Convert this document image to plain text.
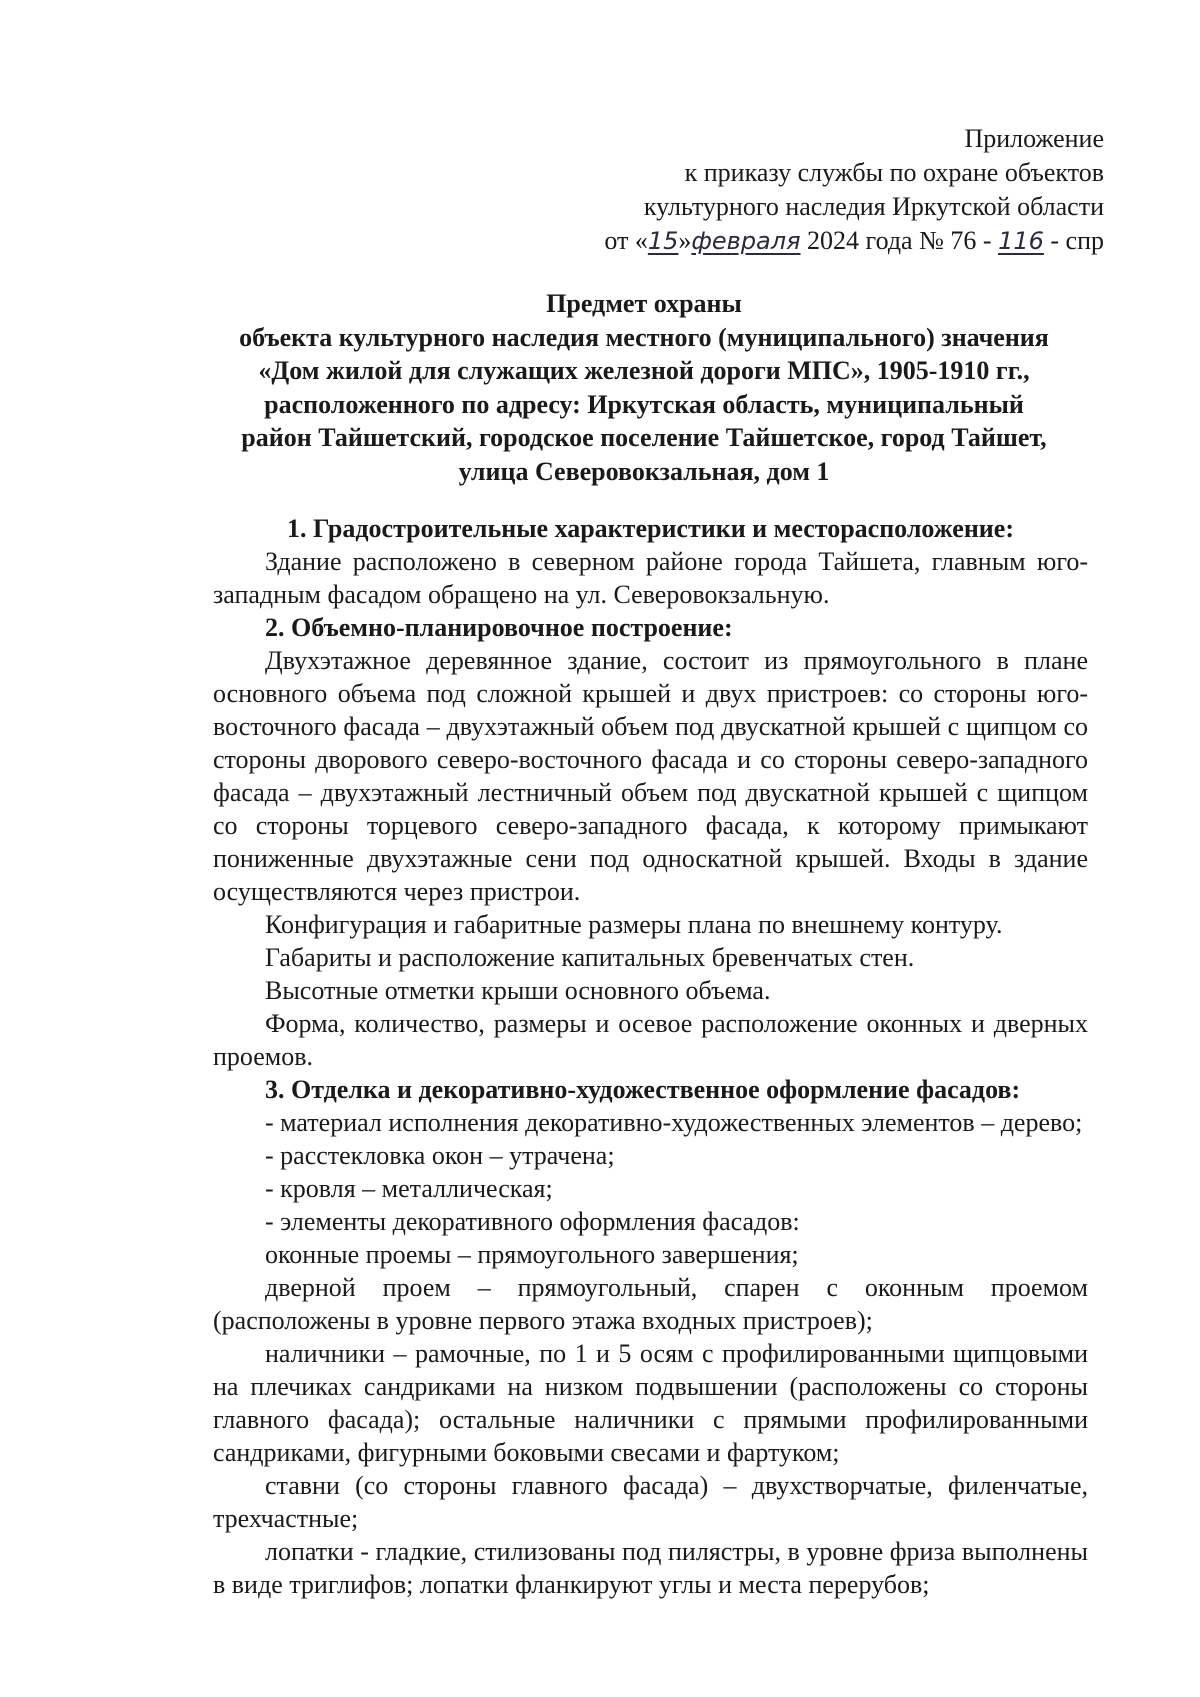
Приложение
к приказу службы по охране объектов
культурного наследия Иркутской области
от «15»февраля 2024 года № 76 - 116 - спр
Предмет охраны
объекта культурного наследия местного (муниципального) значения
«Дом жилой для служащих железной дороги МПС», 1905-1910 гг.,
расположенного по адресу: Иркутская область, муниципальный
район Тайшетский, городское поселение Тайшетское, город Тайшет,
улица Северовокзальная, дом 1

1. Градостроительные характеристики и месторасположение:

Здание расположено в северном районе города Тайшета, главным юго-западным фасадом обращено на ул. Северовокзальную.

2. Объемно-планировочное построение:

Двухэтажное деревянное здание, состоит из прямоугольного в плане основного объема под сложной крышей и двух пристроев: со стороны юго-восточного фасада – двухэтажный объем под двускатной крышей с щипцом со стороны дворового северо-восточного фасада и со стороны северо-западного фасада – двухэтажный лестничный объем под двускатной крышей с щипцом со стороны торцевого северо-западного фасада, к которому примыкают пониженные двухэтажные сени под односкатной крышей. Входы в здание осуществляются через пристрои.

Конфигурация и габаритные размеры плана по внешнему контуру.

Габариты и расположение капитальных бревенчатых стен.

Высотные отметки крыши основного объема.

Форма, количество, размеры и осевое расположение оконных и дверных проемов.

3. Отделка и декоративно-художественное оформление фасадов:

- материал исполнения декоративно-художественных элементов – дерево;

- расстекловка окон – утрачена;

- кровля – металлическая;

- элементы декоративного оформления фасадов:

оконные проемы – прямоугольного завершения;

дверной проем – прямоугольный, спарен с оконным проемом (расположены в уровне первого этажа входных пристроев);

наличники – рамочные, по 1 и 5 осям с профилированными щипцовыми на плечиках сандриками на низком подвышении (расположены со стороны главного фасада); остальные наличники с прямыми профилированными сандриками, фигурными боковыми свесами и фартуком;

ставни (со стороны главного фасада) – двухстворчатые, филенчатые, трехчастные;

лопатки - гладкие, стилизованы под пилястры, в уровне фриза выполнены в виде триглифов; лопатки фланкируют углы и места перерубов;
